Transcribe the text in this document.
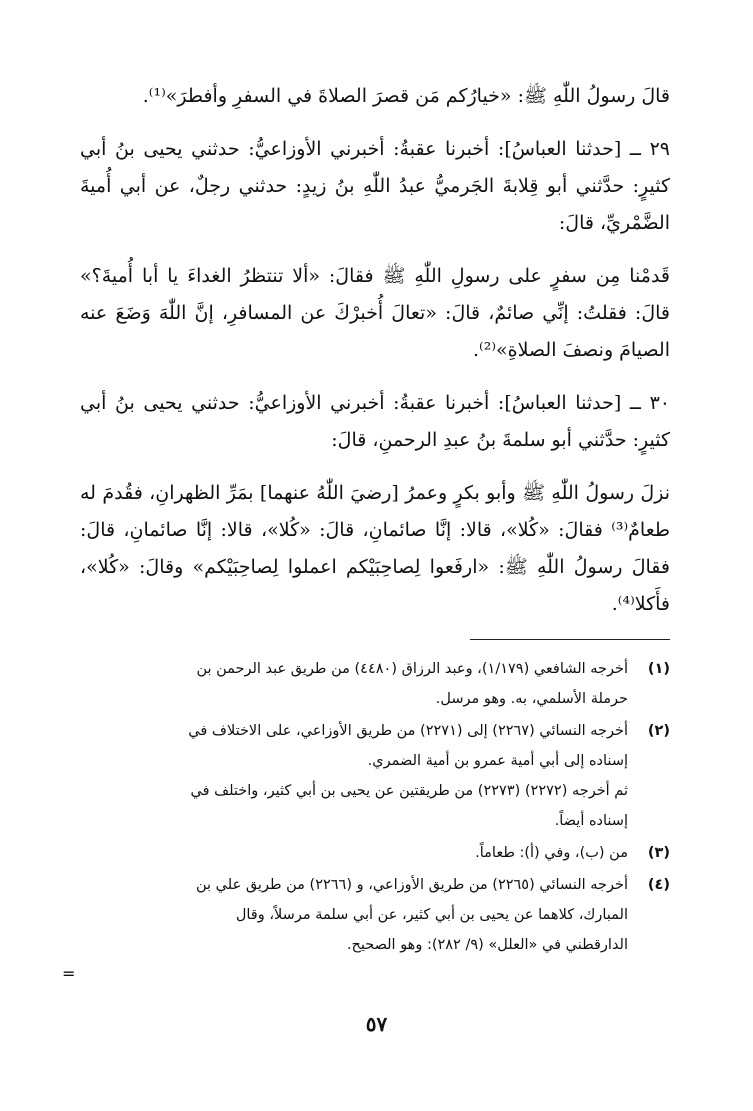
قالَ رسولُ اللّٰهِ ﷺ: «خيارُكم مَن قصرَ الصلاةَ في السفرِ وأفطرَ»⁽¹⁾.

٢٩ ــ [حدثنا العباسُ]: أخبرنا عقبةُ: أخبرني الأوزاعيُّ: حدثني يحيى بنُ أبي كثيرٍ: حدَّثني أبو قِلابةَ الجَرميُّ عبدُ اللّٰهِ بنُ زيدٍ: حدثني رجلٌ، عن أبي أُميةَ الضَّمْريِّ، قالَ:

قَدمْنا مِن سفرٍ على رسولِ اللّٰهِ ﷺ فقالَ: «ألا تنتظرُ الغداءَ يا أبا أُميةَ؟» قالَ: فقلتُ: إنِّي صائمٌ، قالَ: «تعالَ أُخبرْكَ عن المسافرِ، إنَّ اللّٰهَ وَضَعَ عنه الصيامَ ونصفَ الصلاةِ»⁽²⁾.

٣٠ ــ [حدثنا العباسُ]: أخبرنا عقبةُ: أخبرني الأوزاعيُّ: حدثني يحيى بنُ أبي كثيرٍ: حدَّثني أبو سلمةَ بنُ عبدِ الرحمنِ، قالَ:

نزلَ رسولُ اللّٰهِ ﷺ وأبو بكرٍ وعمرُ [رضيَ اللّٰهُ عنهما] بمَرِّ الظهرانِ، فقُدمَ له طعامٌ⁽³⁾ فقالَ: «كُلا»، قالا: إنَّا صائمانِ، قالَ: «كُلا»، قالا: إنَّا صائمانِ، قالَ: فقالَ رسولُ اللّٰهِ ﷺ: «ارفَعوا لِصاحِبَيْكم اعملوا لِصاحِبَيْكم» وقالَ: «كُلا»، فأَكلا⁽⁴⁾.

(١)
أخرجه الشافعي (١/١٧٩)، وعبد الرزاق (٤٤٨٠) من طريق عبد الرحمن بن
حرملة الأسلمي، به. وهو مرسل.
(٢)
أخرجه النسائي (٢٢٦٧) إلى (٢٢٧١) من طريق الأوزاعي، على الاختلاف في
إسناده إلى أبي أمية عمرو بن أمية الضمري.
ثم أخرجه (٢٢٧٢) (٢٢٧٣) من طريقتين عن يحيى بن أبي كثير، واختلف في
إسناده أيضاً.
(٣)
من (ب)، وفي (أ): طعاماً.
(٤)
أخرجه النسائي (٢٢٦٥) من طريق الأوزاعي، و (٢٢٦٦) من طريق علي بن
المبارك، كلاهما عن يحيى بن أبي كثير، عن أبي سلمة مرسلاً، وقال
الدارقطني في «العلل» (٩/ ٢٨٢): وهو الصحيح.
=
٥٧
